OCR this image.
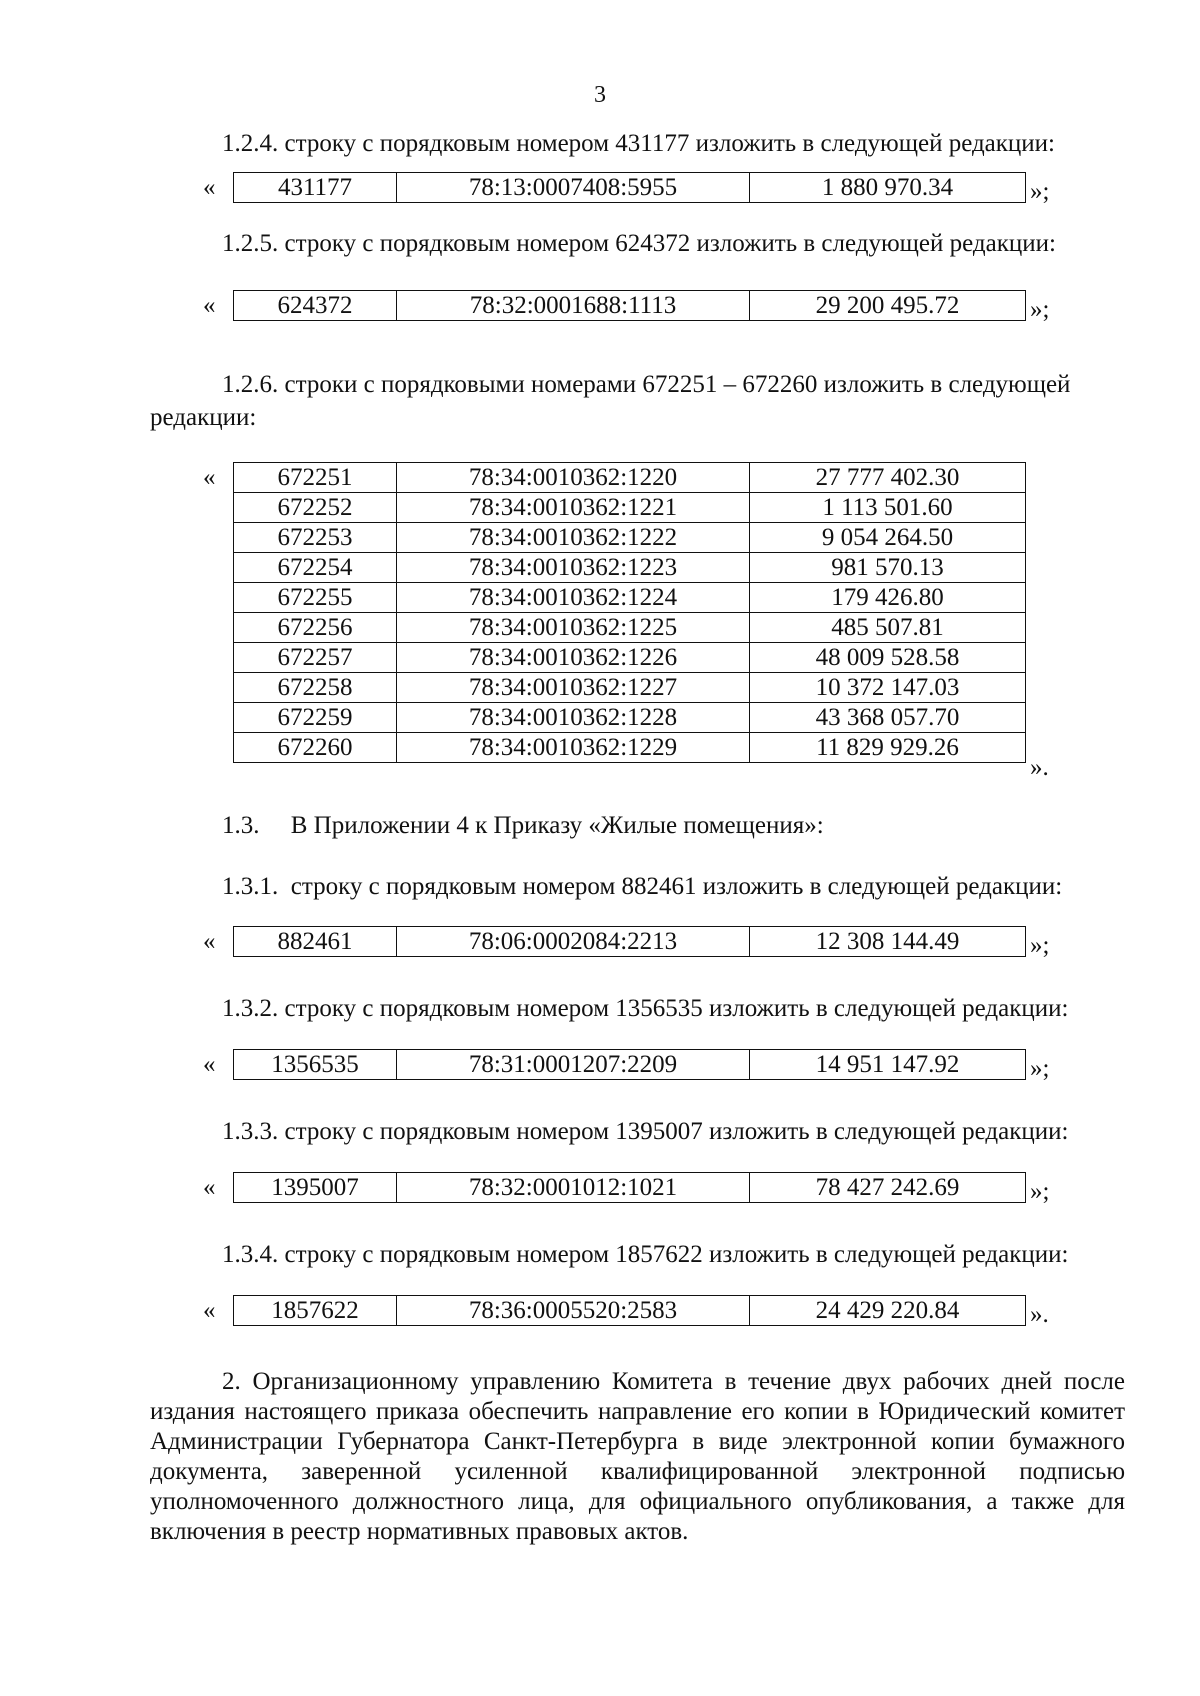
3

1.2.4. строку с порядковым номером 431177 изложить в следующей редакции:

« 431177	78:13:0007408:5955	1 880 970.34	»;

1.2.5. строку с порядковым номером 624372 изложить в следующей редакции:

« 624372	78:32:0001688:1113	29 200 495.72	»;

1.2.6. строки с порядковыми номерами 672251 – 672260 изложить в следующей редакции:

« 672251	78:34:0010362:1220	27 777 402.30
672252	78:34:0010362:1221	1 113 501.60
672253	78:34:0010362:1222	9 054 264.50
672254	78:34:0010362:1223	981 570.13
672255	78:34:0010362:1224	179 426.80
672256	78:34:0010362:1225	485 507.81
672257	78:34:0010362:1226	48 009 528.58
672258	78:34:0010362:1227	10 372 147.03
672259	78:34:0010362:1228	43 368 057.70
672260	78:34:0010362:1229	11 829 929.26
».

1.3.     В Приложении 4 к Приказу «Жилые помещения»:

1.3.1.  строку с порядковым номером 882461 изложить в следующей редакции:

« 882461	78:06:0002084:2213	12 308 144.49	»;

1.3.2. строку с порядковым номером 1356535 изложить в следующей редакции:

« 1356535	78:31:0001207:2209	14 951 147.92	»;

1.3.3. строку с порядковым номером 1395007 изложить в следующей редакции:

« 1395007	78:32:0001012:1021	78 427 242.69	»;

1.3.4. строку с порядковым номером 1857622 изложить в следующей редакции:

« 1857622	78:36:0005520:2583	24 429 220.84	».

2. Организационному управлению Комитета в течение двух рабочих дней после издания настоящего приказа обеспечить направление его копии в Юридический комитет Администрации Губернатора Санкт-Петербурга в виде электронной копии бумажного документа, заверенной усиленной квалифицированной электронной подписью уполномоченного должностного лица, для официального опубликования, а также для включения в реестр нормативных правовых актов.
